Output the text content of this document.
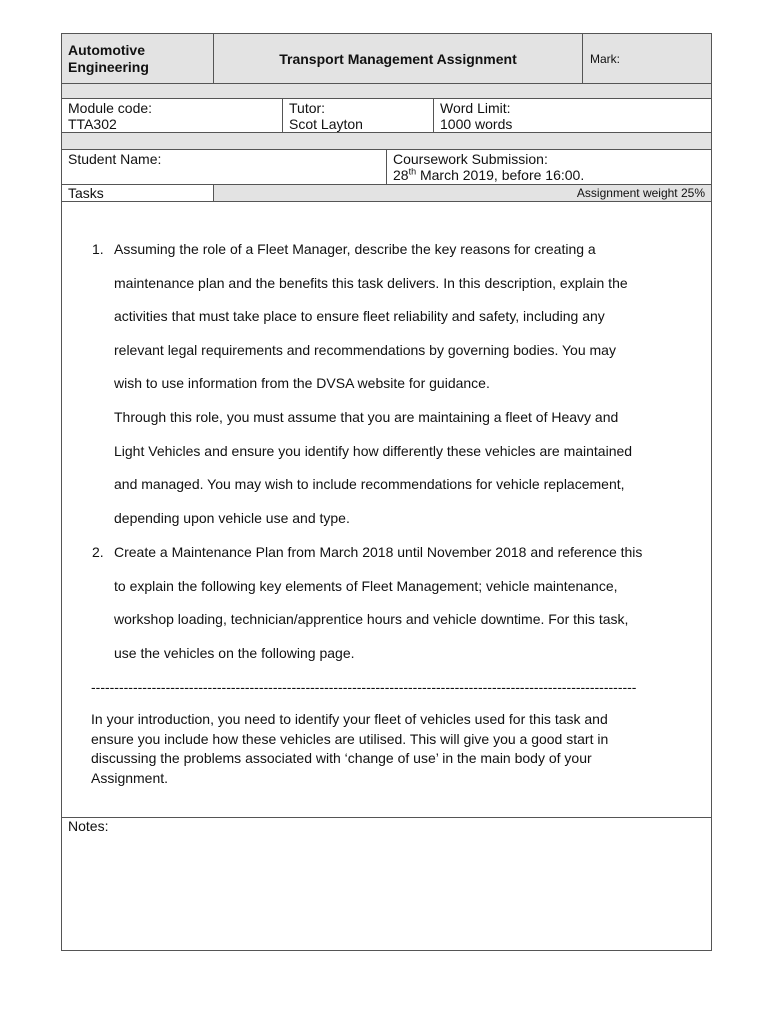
Automotive
Engineering	Transport Management Assignment	Mark:
Module code:
TTA302
Tutor:
Scot Layton
Word Limit:
1000 words
Student Name:	Coursework Submission:
28th March 2019, before 16:00.
Tasks	Assignment weight 25%
1. Assuming the role of a Fleet Manager, describe the key reasons for creating a
maintenance plan and the benefits this task delivers. In this description, explain the
activities that must take place to ensure fleet reliability and safety, including any
relevant legal requirements and recommendations by governing bodies. You may
wish to use information from the DVSA website for guidance.
Through this role, you must assume that you are maintaining a fleet of Heavy and
Light Vehicles and ensure you identify how differently these vehicles are maintained
and managed. You may wish to include recommendations for vehicle replacement,
depending upon vehicle use and type.
2. Create a Maintenance Plan from March 2018 until November 2018 and reference this
to explain the following key elements of Fleet Management; vehicle maintenance,
workshop loading, technician/apprentice hours and vehicle downtime. For this task,
use the vehicles on the following page.
---------------------------------------------------------------------------------------------------------------------
In your introduction, you need to identify your fleet of vehicles used for this task and
ensure you include how these vehicles are utilised. This will give you a good start in
discussing the problems associated with ‘change of use’ in the main body of your
Assignment.
Notes:
